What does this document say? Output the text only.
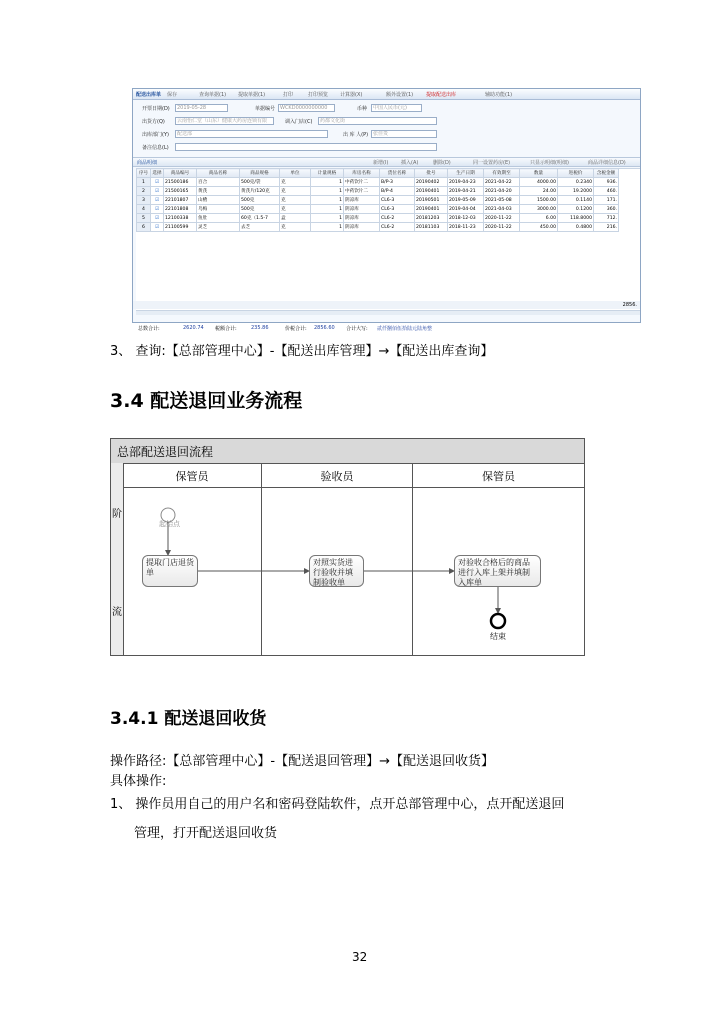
配送出库单 保存	查询单据(1) 提取单据(1)	打印	打印预览 计算器(X)	额外设置(1)	提取配送出库	辅助功能(1)
开票日期(D)	2019-05-28	单据编号 WCKD0000000000	币种	中国人民币(元)
出货方(Q)	云南怡仁堂（山东）健康大药房连锁有限	调入门店(C)	药都文化街
出库部门(Y)	配送部	出 库 人(P) 张佳贵
备注信息(L)
商品明细	新增(I)	插入(A)	删除(D)	同一设置药房(E)	只显示明细(明细)	商品详细信息(D)
序号	选择	商品编号	商品名称	商品规格	单位	计量规格	库房名称	货位名称	批号	生产日期	有效期至	数量	进税价	含税金额
1	☑	21500186	百合	500克/袋	克	1	中药饮片二	B/P-3	20190402	2019-04-23	2021-04-22	4000.00	0.2340	936.
2	☑	21500165	黄芪	黄芪片/120克	克	1	中药饮片二	B/P-4	20190401	2019-04-21	2021-04-20	24.00	19.2000	460.
3	☑	22101807	山楂	500克	克	1	阴凉库	CL6-3	20190501	2019-05-09	2021-05-08	1500.00	0.1140	171.
4	☑	22101808	乌梅	500克	克	1	阴凉库	CL6-3	20190401	2019-04-04	2021-04-03	3000.00	0.1200	360.
5	☑	12100338	鱼肚	60克（1.5-7	盒	1	阴凉库	CL6-2	20181203	2018-12-03	2020-11-22	6.00	118.8000	712.
6	☑	21100599	灵芝	去芝	克	1	阴凉库	CL6-2	20181103	2018-11-23	2020-11-22	450.00	0.4800	216.
2856.
总数合计:	2620.74 税额合计:	235.86	价税合计: 2856.60 合计大写: 贰仟捌佰伍拾陆元陆角整
3、 查询:【总部管理中心】-【配送出库管理】→【配送出库查询】
3.4 配送退回业务流程
总部配送退回流程
阶
流
保管员	验收员	保管员
起始点
提取门店退货单
对照实货进行验收并填制验收单
对验收合格后的商品进行入库上架并填制入库单
结束
3.4.1 配送退回收货
操作路径:【总部管理中心】-【配送退回管理】→【配送退回收货】
具体操作:
1、 操作员用自己的用户名和密码登陆软件，点开总部管理中心，点开配送退回
管理，打开配送退回收货
32
